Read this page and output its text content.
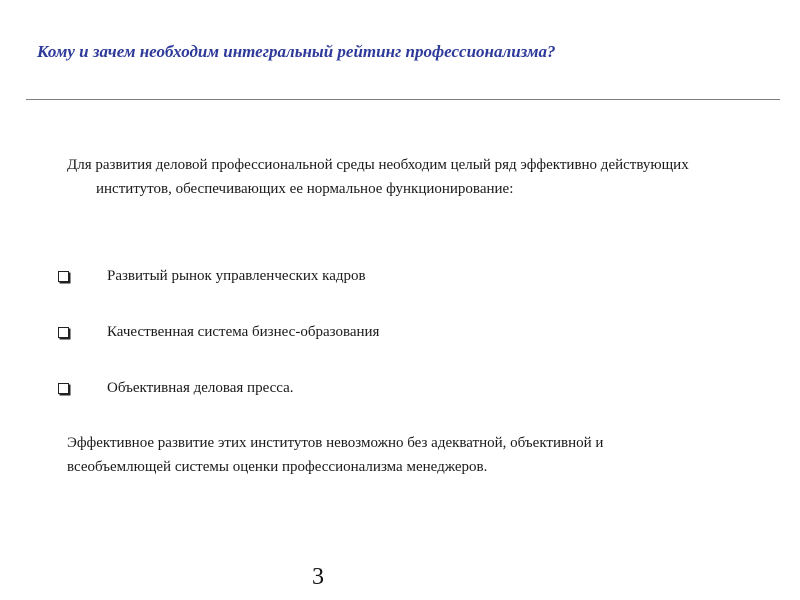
Кому и зачем необходим интегральный рейтинг профессионализма?
Для развития деловой профессиональной среды необходим целый ряд эффективно действующих институтов, обеспечивающих ее нормальное функционирование:
Развитый рынок управленческих кадров
Качественная система бизнес-образования
Объективная деловая пресса.
Эффективное развитие этих институтов невозможно без адекватной, объективной и всеобъемлющей системы оценки профессионализма менеджеров.
3
